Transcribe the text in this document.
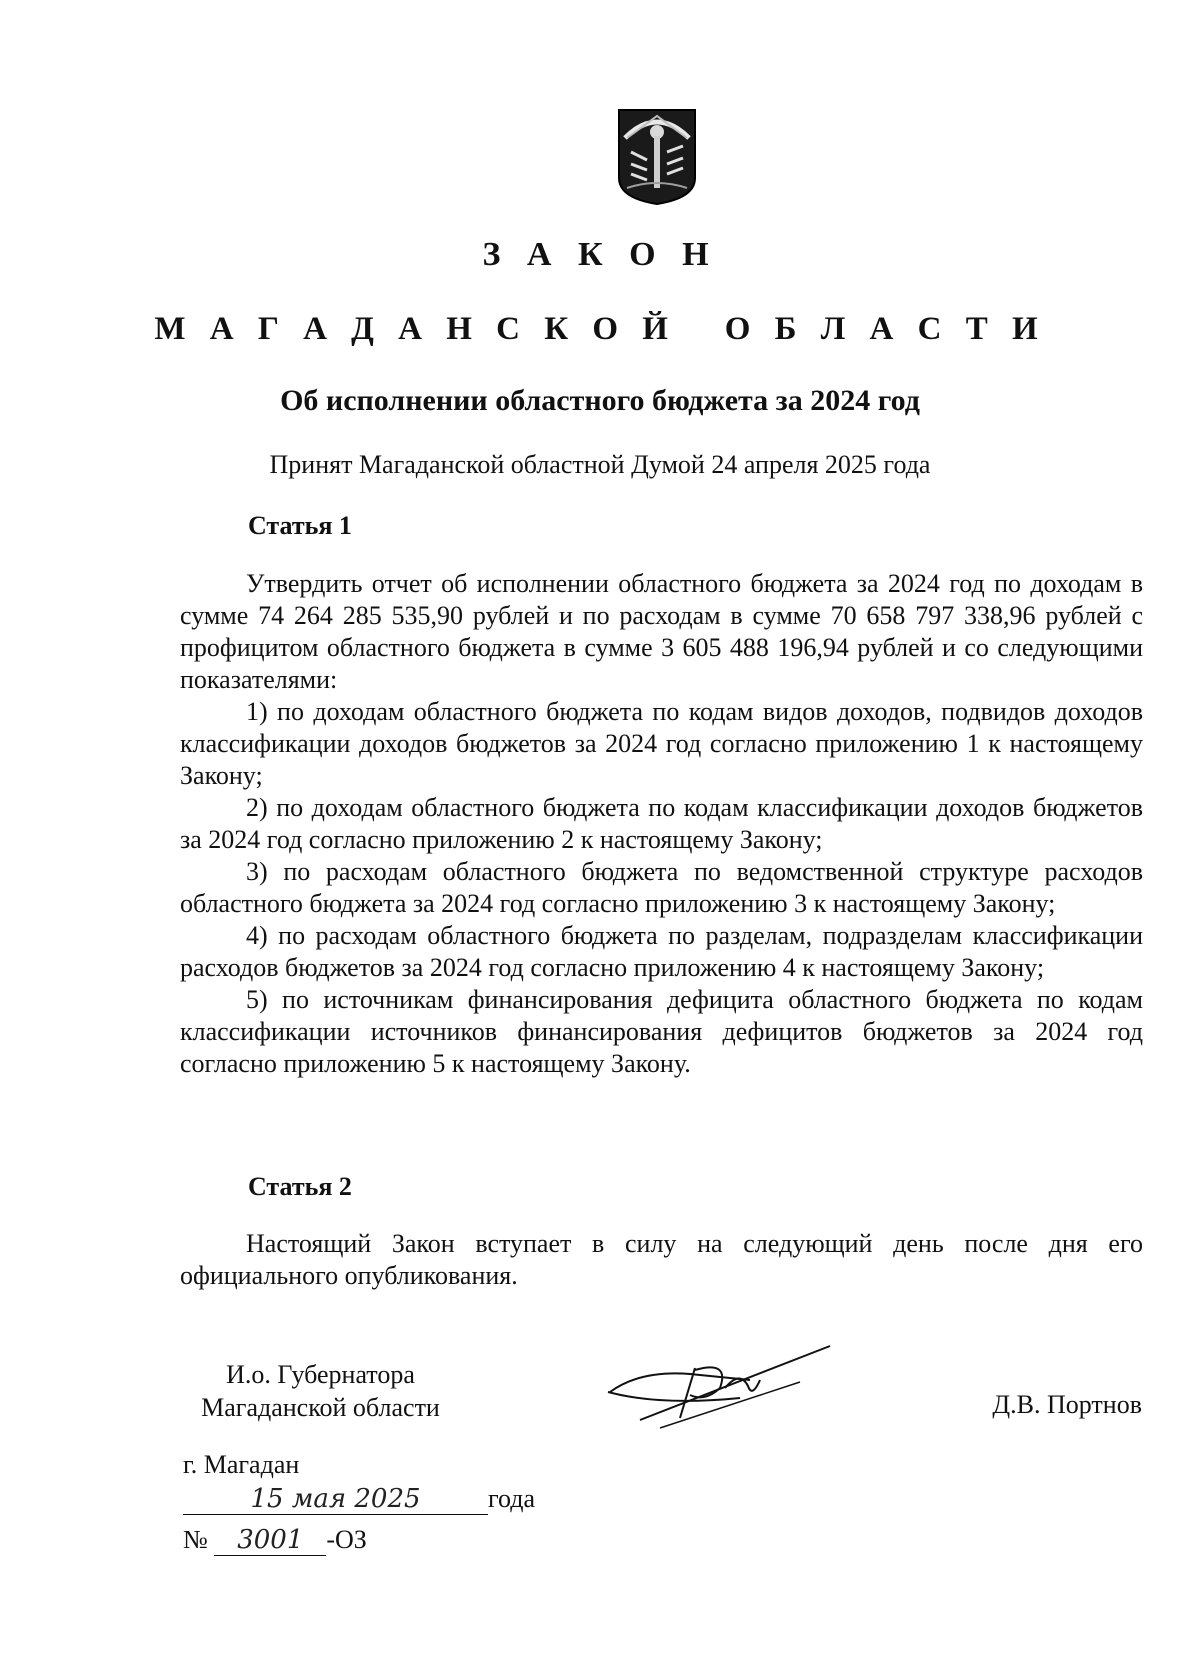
З А К О Н
М А Г А Д А Н С К О Й   О Б Л А С Т И
Об исполнении областного бюджета за 2024 год
Принят Магаданской областной Думой 24 апреля 2025 года
Статья 1

Утвердить отчет об исполнении областного бюджета за 2024 год по доходам в сумме 74 264 285 535,90 рублей и по расходам в сумме 70 658 797 338,96 рублей с профицитом областного бюджета в сумме 3 605 488 196,94 рублей и со следующими показателями:

1) по доходам областного бюджета по кодам видов доходов, подвидов доходов классификации доходов бюджетов за 2024 год согласно приложению 1 к настоящему Закону;

2) по доходам областного бюджета по кодам классификации доходов бюджетов за 2024 год согласно приложению 2 к настоящему Закону;

3) по расходам областного бюджета по ведомственной структуре расходов областного бюджета за 2024 год согласно приложению 3 к настоящему Закону;

4) по расходам областного бюджета по разделам, подразделам классификации расходов бюджетов за 2024 год согласно приложению 4 к настоящему Закону;

5) по источникам финансирования дефицита областного бюджета по кодам классификации источников финансирования дефицитов бюджетов за 2024 год согласно приложению 5 к настоящему Закону.

Статья 2

Настоящий Закон вступает в силу на следующий день после дня его официального опубликования.

И.о. Губернатора
Магаданской области	Д.В. Портнов
г. Магадан
15 мая 2025	года
№ 3001 -ОЗ
